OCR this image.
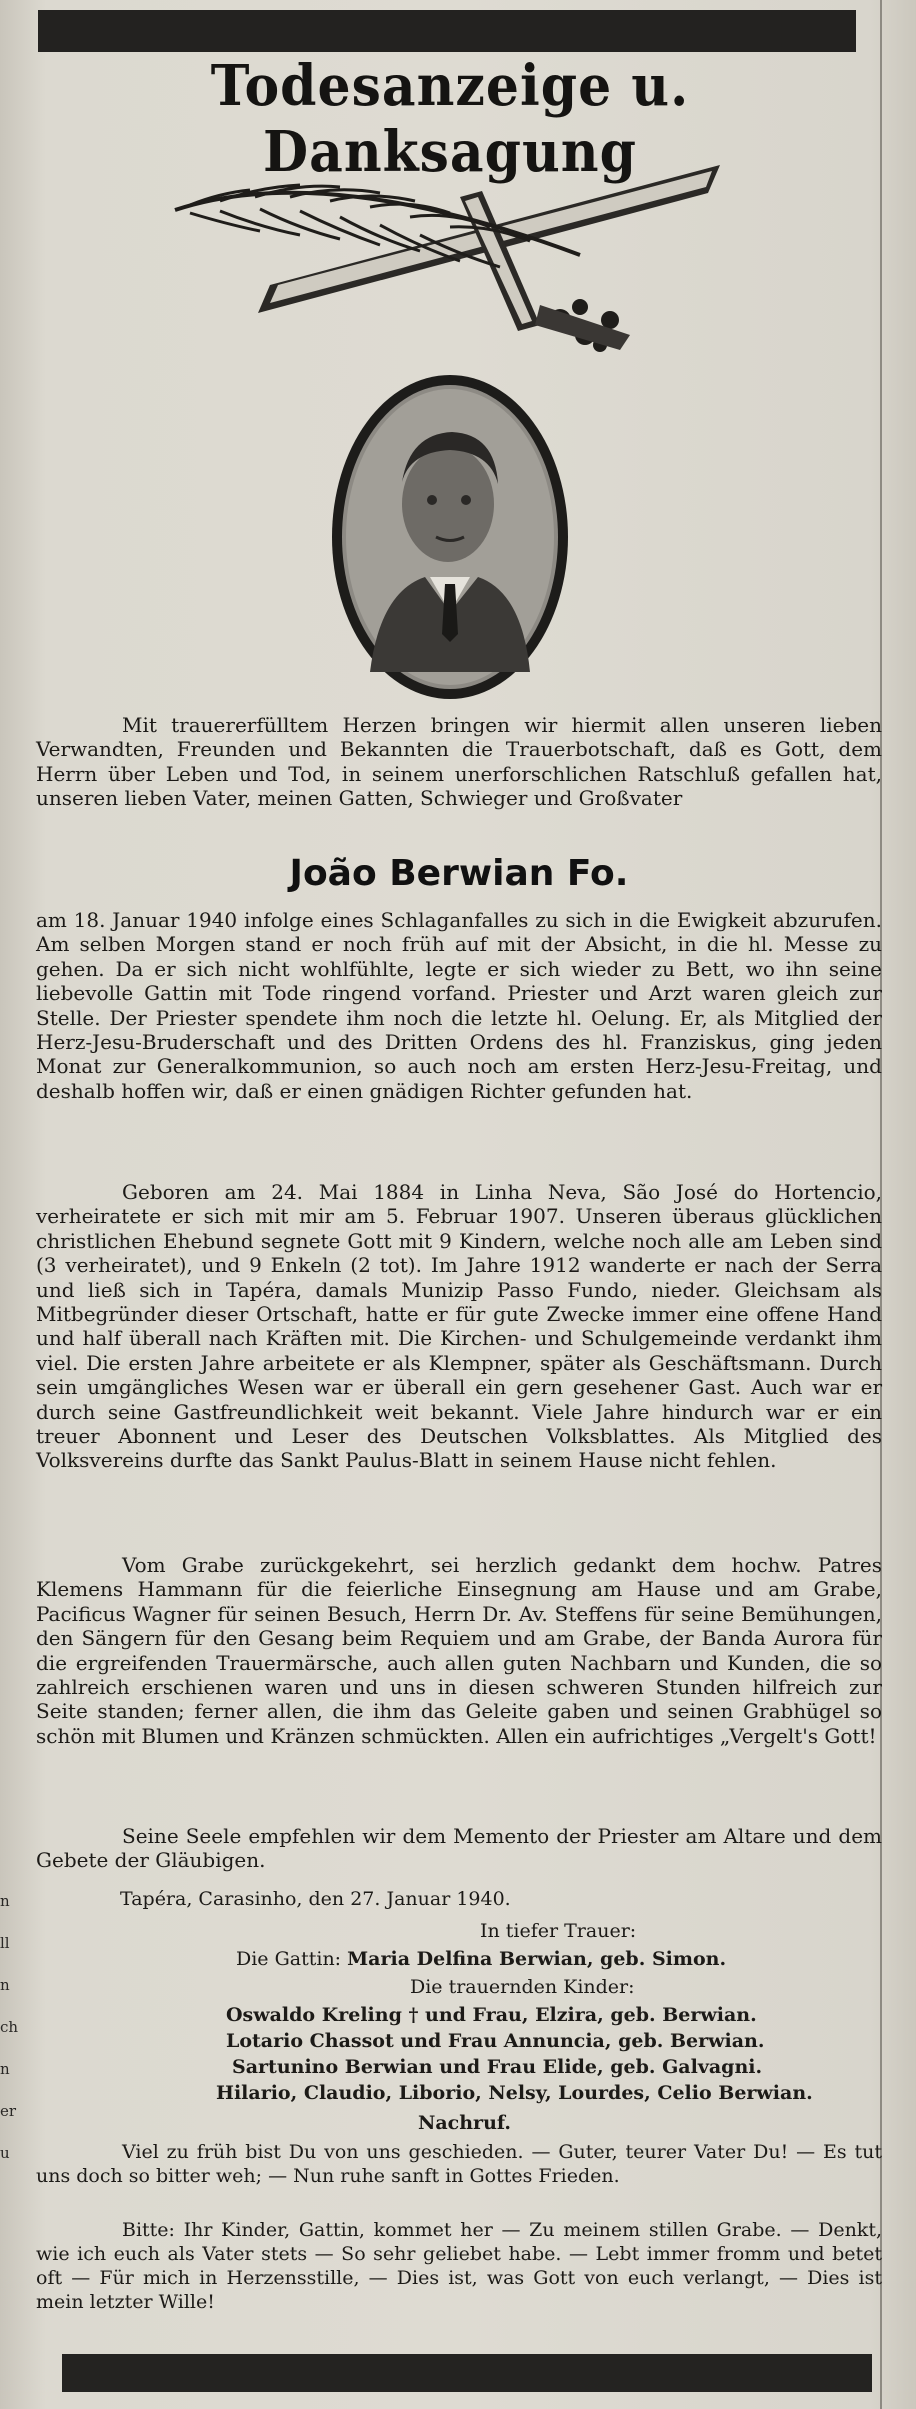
n
ll
n
ch
n
er
u
Todesanzeige u. Danksagung
Mit trauererfülltem Herzen bringen wir hiermit allen unseren lieben Verwandten, Freunden und Bekannten die Trauerbotschaft, daß es Gott, dem Herrn über Leben und Tod, in seinem unerforschlichen Ratschluß gefallen hat, unseren lieben Vater, meinen Gatten, Schwieger und Großvater
João Berwian Fo.
am 18. Januar 1940 infolge eines Schlaganfalles zu sich in die Ewigkeit abzurufen. Am selben Morgen stand er noch früh auf mit der Absicht, in die hl. Messe zu gehen. Da er sich nicht wohlfühlte, legte er sich wieder zu Bett, wo ihn seine liebevolle Gattin mit Tode ringend vorfand. Priester und Arzt waren gleich zur Stelle. Der Priester spendete ihm noch die letzte hl. Oelung. Er, als Mitglied der Herz-Jesu-Bruderschaft und des Dritten Ordens des hl. Franziskus, ging jeden Monat zur Generalkommunion, so auch noch am ersten Herz-Jesu-Freitag, und deshalb hoffen wir, daß er einen gnädigen Richter gefunden hat.
Geboren am 24. Mai 1884 in Linha Neva, São José do Hortencio, verheiratete er sich mit mir am 5. Februar 1907. Unseren überaus glücklichen christlichen Ehebund segnete Gott mit 9 Kindern, welche noch alle am Leben sind (3 verheiratet), und 9 Enkeln (2 tot). Im Jahre 1912 wanderte er nach der Serra und ließ sich in Tapéra, damals Munizip Passo Fundo, nieder. Gleichsam als Mitbegründer dieser Ortschaft, hatte er für gute Zwecke immer eine offene Hand und half überall nach Kräften mit. Die Kirchen- und Schulgemeinde verdankt ihm viel. Die ersten Jahre arbeitete er als Klempner, später als Geschäftsmann. Durch sein umgängliches Wesen war er überall ein gern gesehener Gast. Auch war er durch seine Gastfreundlichkeit weit bekannt. Viele Jahre hindurch war er ein treuer Abonnent und Leser des Deutschen Volksblattes. Als Mitglied des Volksvereins durfte das Sankt Paulus-Blatt in seinem Hause nicht fehlen.
Vom Grabe zurückgekehrt, sei herzlich gedankt dem hochw. Patres Klemens Hammann für die feierliche Einsegnung am Hause und am Grabe, Pacificus Wagner für seinen Besuch, Herrn Dr. Av. Steffens für seine Bemühungen, den Sängern für den Gesang beim Requiem und am Grabe, der Banda Aurora für die ergreifenden Trauermärsche, auch allen guten Nachbarn und Kunden, die so zahlreich erschienen waren und uns in diesen schweren Stunden hilfreich zur Seite standen; ferner allen, die ihm das Geleite gaben und seinen Grabhügel so schön mit Blumen und Kränzen schmückten. Allen ein aufrichtiges „Vergelt's Gott!
Seine Seele empfehlen wir dem Memento der Priester am Altare und dem Gebete der Gläubigen.
Tapéra, Carasinho, den 27. Januar 1940.
In tiefer Trauer:
Die Gattin: Maria Delfina Berwian, geb. Simon.
Die trauernden Kinder:
Oswaldo Kreling † und Frau, Elzira, geb. Berwian.
Lotario Chassot und Frau Annuncia, geb. Berwian.
Sartunino Berwian und Frau Elide, geb. Galvagni.
Hilario, Claudio, Liborio, Nelsy, Lourdes, Celio Berwian.
Nachruf.
Viel zu früh bist Du von uns geschieden. — Guter, teurer Vater Du! — Es tut uns doch so bitter weh; — Nun ruhe sanft in Gottes Frieden.
Bitte: Ihr Kinder, Gattin, kommet her — Zu meinem stillen Grabe. — Denkt, wie ich euch als Vater stets — So sehr geliebet habe. — Lebt immer fromm und betet oft — Für mich in Herzensstille, — Dies ist, was Gott von euch verlangt, — Dies ist mein letzter Wille!
